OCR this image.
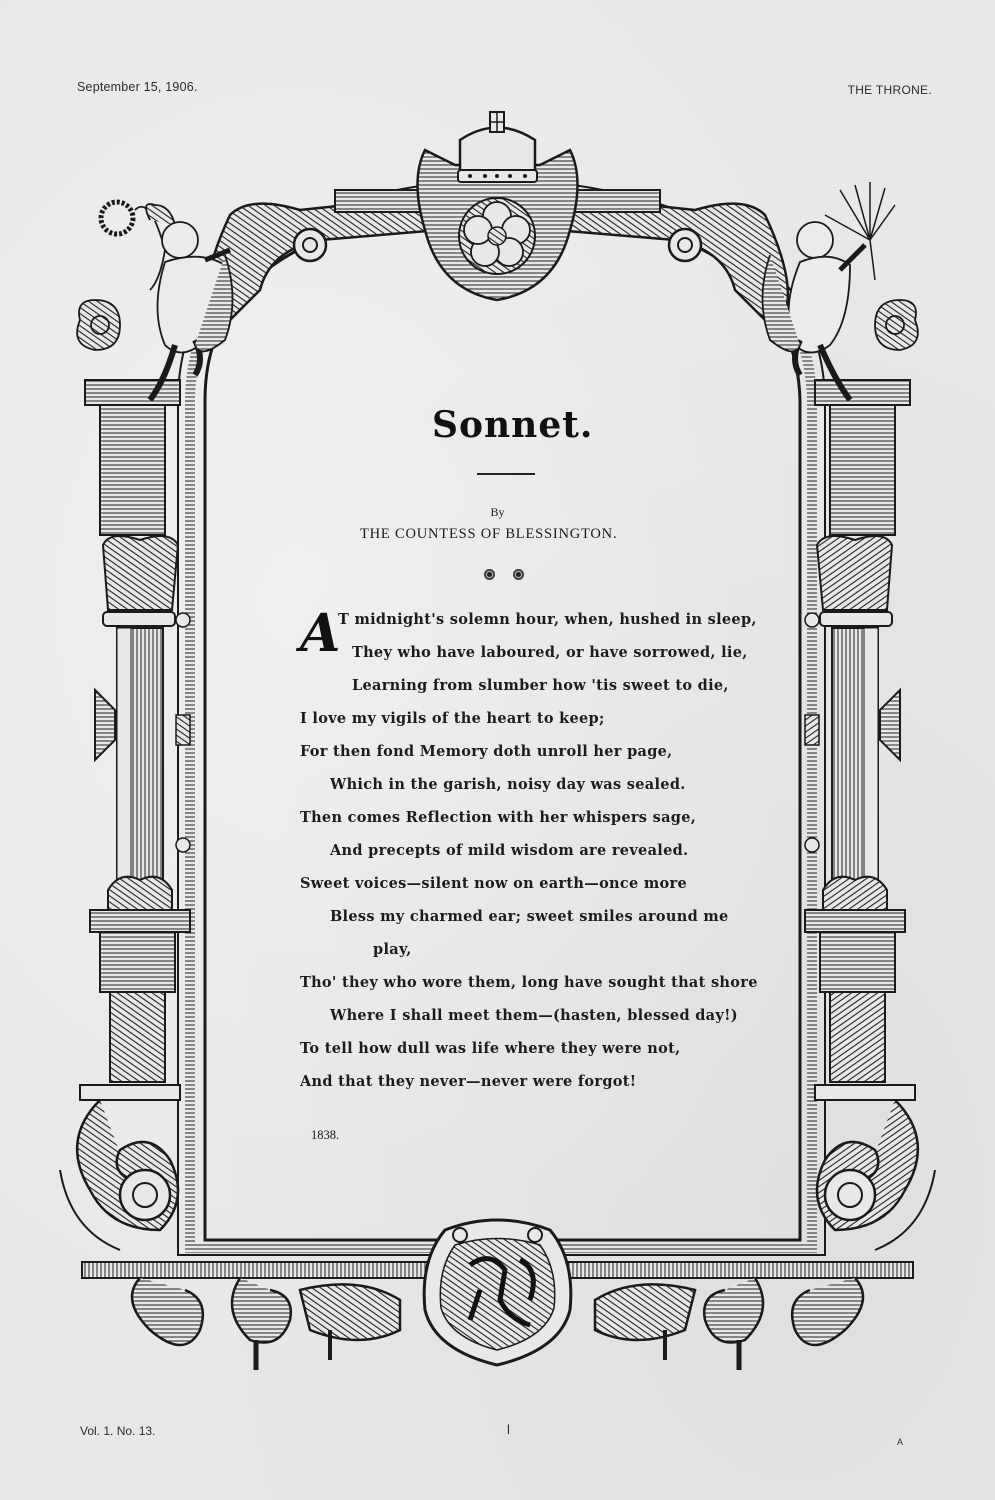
September 15, 1906.	THE THRONE.
Sonnet.
By
THE COUNTESS OF BLESSINGTON.
A
T midnight's solemn hour, when, hushed in sleep,
They who have laboured, or have sorrowed, lie,
Learning from slumber how 'tis sweet to die,
I love my vigils of the heart to keep;
For then fond Memory doth unroll her page,
Which in the garish, noisy day was sealed.
Then comes Reflection with her whispers sage,
And precepts of mild wisdom are revealed.
Sweet voices—silent now on earth—once more
Bless my charmed ear; sweet smiles around me
play,
Tho' they who wore them, long have sought that shore
Where I shall meet them—(hasten, blessed day!)
To tell how dull was life where they were not,
And that they never—never were forgot!
1838.
Vol. 1. No. 13.	l
A
